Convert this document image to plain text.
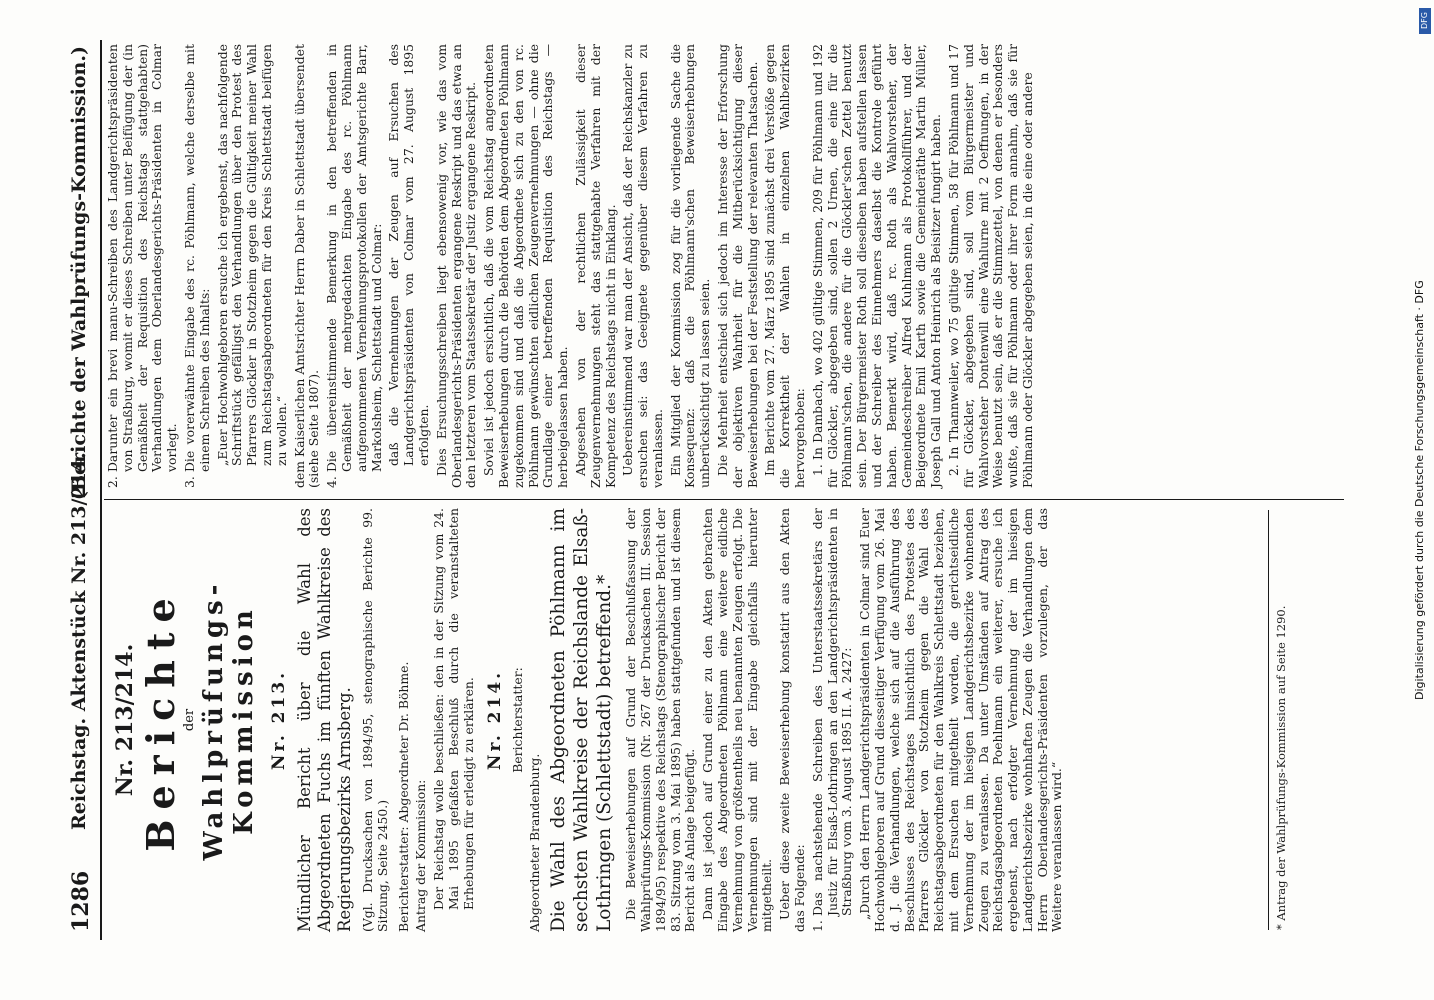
1286
Reichstag. Aktenstück Nr. 213/214.
(Berichte der Wahlprüfungs-Kommission.)
Nr. 213/214. Berichte der Wahlprüfungs-Kommission Nr. 213. Mündlicher Bericht über die Wahl des Abgeordneten Fuchs im fünften Wahlkreise des Regierungsbezirks Arnsberg. (Vgl. Drucksachen von 1894/95, stenographische Berichte 99. Sitzung, Seite 2450.) Berichterstatter: Abgeordneter Dr. Böhme. Antrag der Kommission: Der Reichstag wolle beschließen: den in der Sitzung vom 24. Mai 1895 gefaßten Beschluß durch die veranstalteten Erhebungen für erledigt zu erklären. Nr. 214. Berichterstatter:

Abgeordneter Brandenburg. Die Wahl des Abgeordneten Pöhlmann im sechsten Wahlkreise der Reichslande Elsaß-Lothringen (Schlettstadt) betreffend.* Die Beweiserhebungen auf Grund der Beschlußfassung der Wahlprüfungs-Kommission (Nr. 267 der Drucksachen III. Session 1894/95) respektive des Reichstags (Stenographischer Bericht der 83. Sitzung vom 3. Mai 1895) haben stattgefunden und ist diesem Bericht als Anlage beigefügt. Dann ist jedoch auf Grund einer zu den Akten gebrachten Eingabe des Abgeordneten Pöhlmann eine weitere eidliche Vernehmung von größtentheils neu benannten Zeugen erfolgt. Die Vernehmungen sind mit der Eingabe gleichfalls hierunter mitgetheilt. Ueber diese zweite Beweiserhebung konstatirt aus den Akten das Folgende: 1.
Das nachstehende Schreiben des Unterstaatssekretärs der Justiz für Elsaß-Lothringen an den Landgerichtspräsidenten in Straßburg vom 3. August 1895 II. A. 2427: „Durch den Herrn Landgerichtspräsidenten in Colmar sind Euer Hochwohlgeboren auf Grund diesseitiger Verfügung vom 26. Mai d. J. die Verhandlungen, welche sich auf die Ausführung des Beschlusses des Reichstages hinsichtlich des Protestes des Pfarrers Glöckler von Stotzheim gegen die Wahl des Reichstagsabgeordneten für den Wahlkreis Schlettstadt beziehen, mit dem Ersuchen mitgetheilt worden, die gerichtseidliche Vernehmung der im hiesigen Landgerichtsbezirke wohnenden Zeugen zu veranlassen. Da unter Umständen auf Antrag des Reichstagsabgeordneten Poehlmann ein weiterer, ersuche ich ergebenst, nach erfolgter Vernehmung der im hiesigen Landgerichtsbezirke wohnhaften Zeugen die Verhandlungen dem Herrn Oberlandesgerichts-Präsidenten vorzulegen, der das Weitere veranlassen wird.“	* Antrag der Wahlprüfungs-Kommission auf Seite 1290.

2.
Darunter ein brevi manu-Schreiben des Landgerichtspräsidenten von Straßburg, womit er dieses Schreiben unter Beifügung der (in Gemäßheit der Requisition des Reichstags stattgehabten) Verhandlungen dem Oberlandesgerichts-Präsidenten in Colmar vorlegt.

3.
Die vorerwähnte Eingabe des rc. Pöhlmann, welche derselbe mit einem Schreiben des Inhalts: „Euer Hochwohlgeboren ersuche ich ergebenst, das nachfolgende Schriftstück gefälligst den Verhandlungen über den Protest des Pfarrers Glöckler in Stotzheim gegen die Gültigkeit meiner Wahl zum Reichstagsabgeordneten für den Kreis Schlettstadt beifügen zu wollen.“ dem Kaiserlichen Amtsrichter Herrn Daber in Schlettstadt übersendet (siehe Seite 1807). 4.
Die übereinstimmende Bemerkung in den betreffenden in Gemäßheit der mehrgedachten Eingabe des rc. Pöhlmann aufgenommenen Vernehmungsprotokollen der Amtsgerichte Barr, Markolsheim, Schlettstadt und Colmar: daß die Vernehmungen der Zeugen auf Ersuchen des Landgerichtspräsidenten von Colmar vom 27. August 1895 erfolgten. Dies Ersuchungsschreiben liegt ebensowenig vor, wie das vom Oberlandesgerichts-Präsidenten ergangene Reskript und das etwa an den letzteren vom Staatssekretär der Justiz ergangene Reskript. Soviel ist jedoch ersichtlich, daß die vom Reichstag angeordneten Beweiserhebungen durch die Behörden dem Abgeordneten Pöhlmann zugekommen sind und daß die Abgeordnete sich zu den von rc. Pöhlmann gewünschten eidlichen Zeugenvernehmungen — ohne die Grundlage einer betreffenden Requisition des Reichstags — herbeigelassen haben. Abgesehen von der rechtlichen Zulässigkeit dieser Zeugenvernehmungen steht das stattgehabte Verfahren mit der Kompetenz des Reichstags nicht in Einklang. Uebereinstimmend war man der Ansicht, daß der Reichskanzler zu ersuchen sei: das Geeignete gegenüber diesem Verfahren zu veranlassen. Ein Mitglied der Kommission zog für die vorliegende Sache die Konsequenz: daß die Pöhlmann'schen Beweiserhebungen unberücksichtigt zu lassen seien. Die Mehrheit entschied sich jedoch im Interesse der Erforschung der objektiven Wahrheit für die Mitberücksichtigung dieser Beweiserhebungen bei der Feststellung der relevanten Thatsachen. Im Berichte vom 27. März 1895 sind zunächst drei Verstöße gegen die Korrektheit der Wahlen in einzelnen Wahlbezirken hervorgehoben: 1. In Dambach, wo 402 gültige Stimmen, 209 für Pöhlmann und 192 für Glöckler, abgegeben sind, sollen 2 Urnen, die eine für die Pöhlmann'schen, die andere für die Glöckler'schen Zettel benutzt sein. Der Bürgermeister Roth soll dieselben haben aufstellen lassen und der Schreiber des Einnehmers daselbst die Kontrole geführt haben. Bemerkt wird, daß rc. Roth als Wahlvorsteher, der Gemeindeschreiber Alfred Kuhlmann als Protokollführer, und der Beigeordnete Emil Karth sowie die Gemeinderäthe Martin Müller, Joseph Gall und Anton Heinrich als Beisitzer fungirt haben. 2. In Thannweiler, wo 75 gültige Stimmen, 58 für Pöhlmann und 17 für Glöckler, abgegeben sind, soll vom Bürgermeister und Wahlvorsteher Dontenwill eine Wahlurne mit 2 Oeffnungen, in der Weise benutzt sein, daß er die Stimmzettel, von denen er besonders wußte, daß sie für Pöhlmann oder ihrer Form annahm, daß sie für Pöhlmann oder Glöckler abgegeben seien, in die eine oder andere

Digitalisierung gefördert durch die Deutsche Forschungsgemeinschaft · DFG
DFG
